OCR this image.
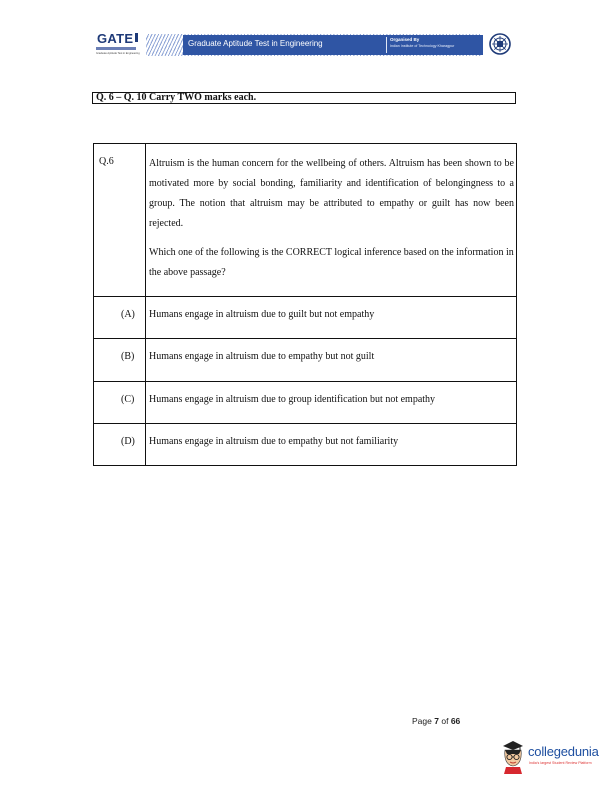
GATE
Graduate Aptitude Test in Engineering
Graduate Aptitude Test in Engineering	Organised By
Indian Institute of Technology Kharagpur
Q. 6 – Q. 10 Carry TWO marks each.
Q.6	Altruism is the human concern for the wellbeing of others. Altruism has been shown to be motivated more by social bonding, familiarity and identification of belongingness to a group. The notion that altruism may be attributed to empathy or guilt has now been rejected.
Which one of the following is the CORRECT logical inference based on the information in the above passage?
(A) Humans engage in altruism due to guilt but not empathy
(B) Humans engage in altruism due to empathy but not guilt
(C) Humans engage in altruism due to group identification but not empathy
(D) Humans engage in altruism due to empathy but not familiarity
Page 7 of 66
collegedunia
India's largest Student Review Platform
